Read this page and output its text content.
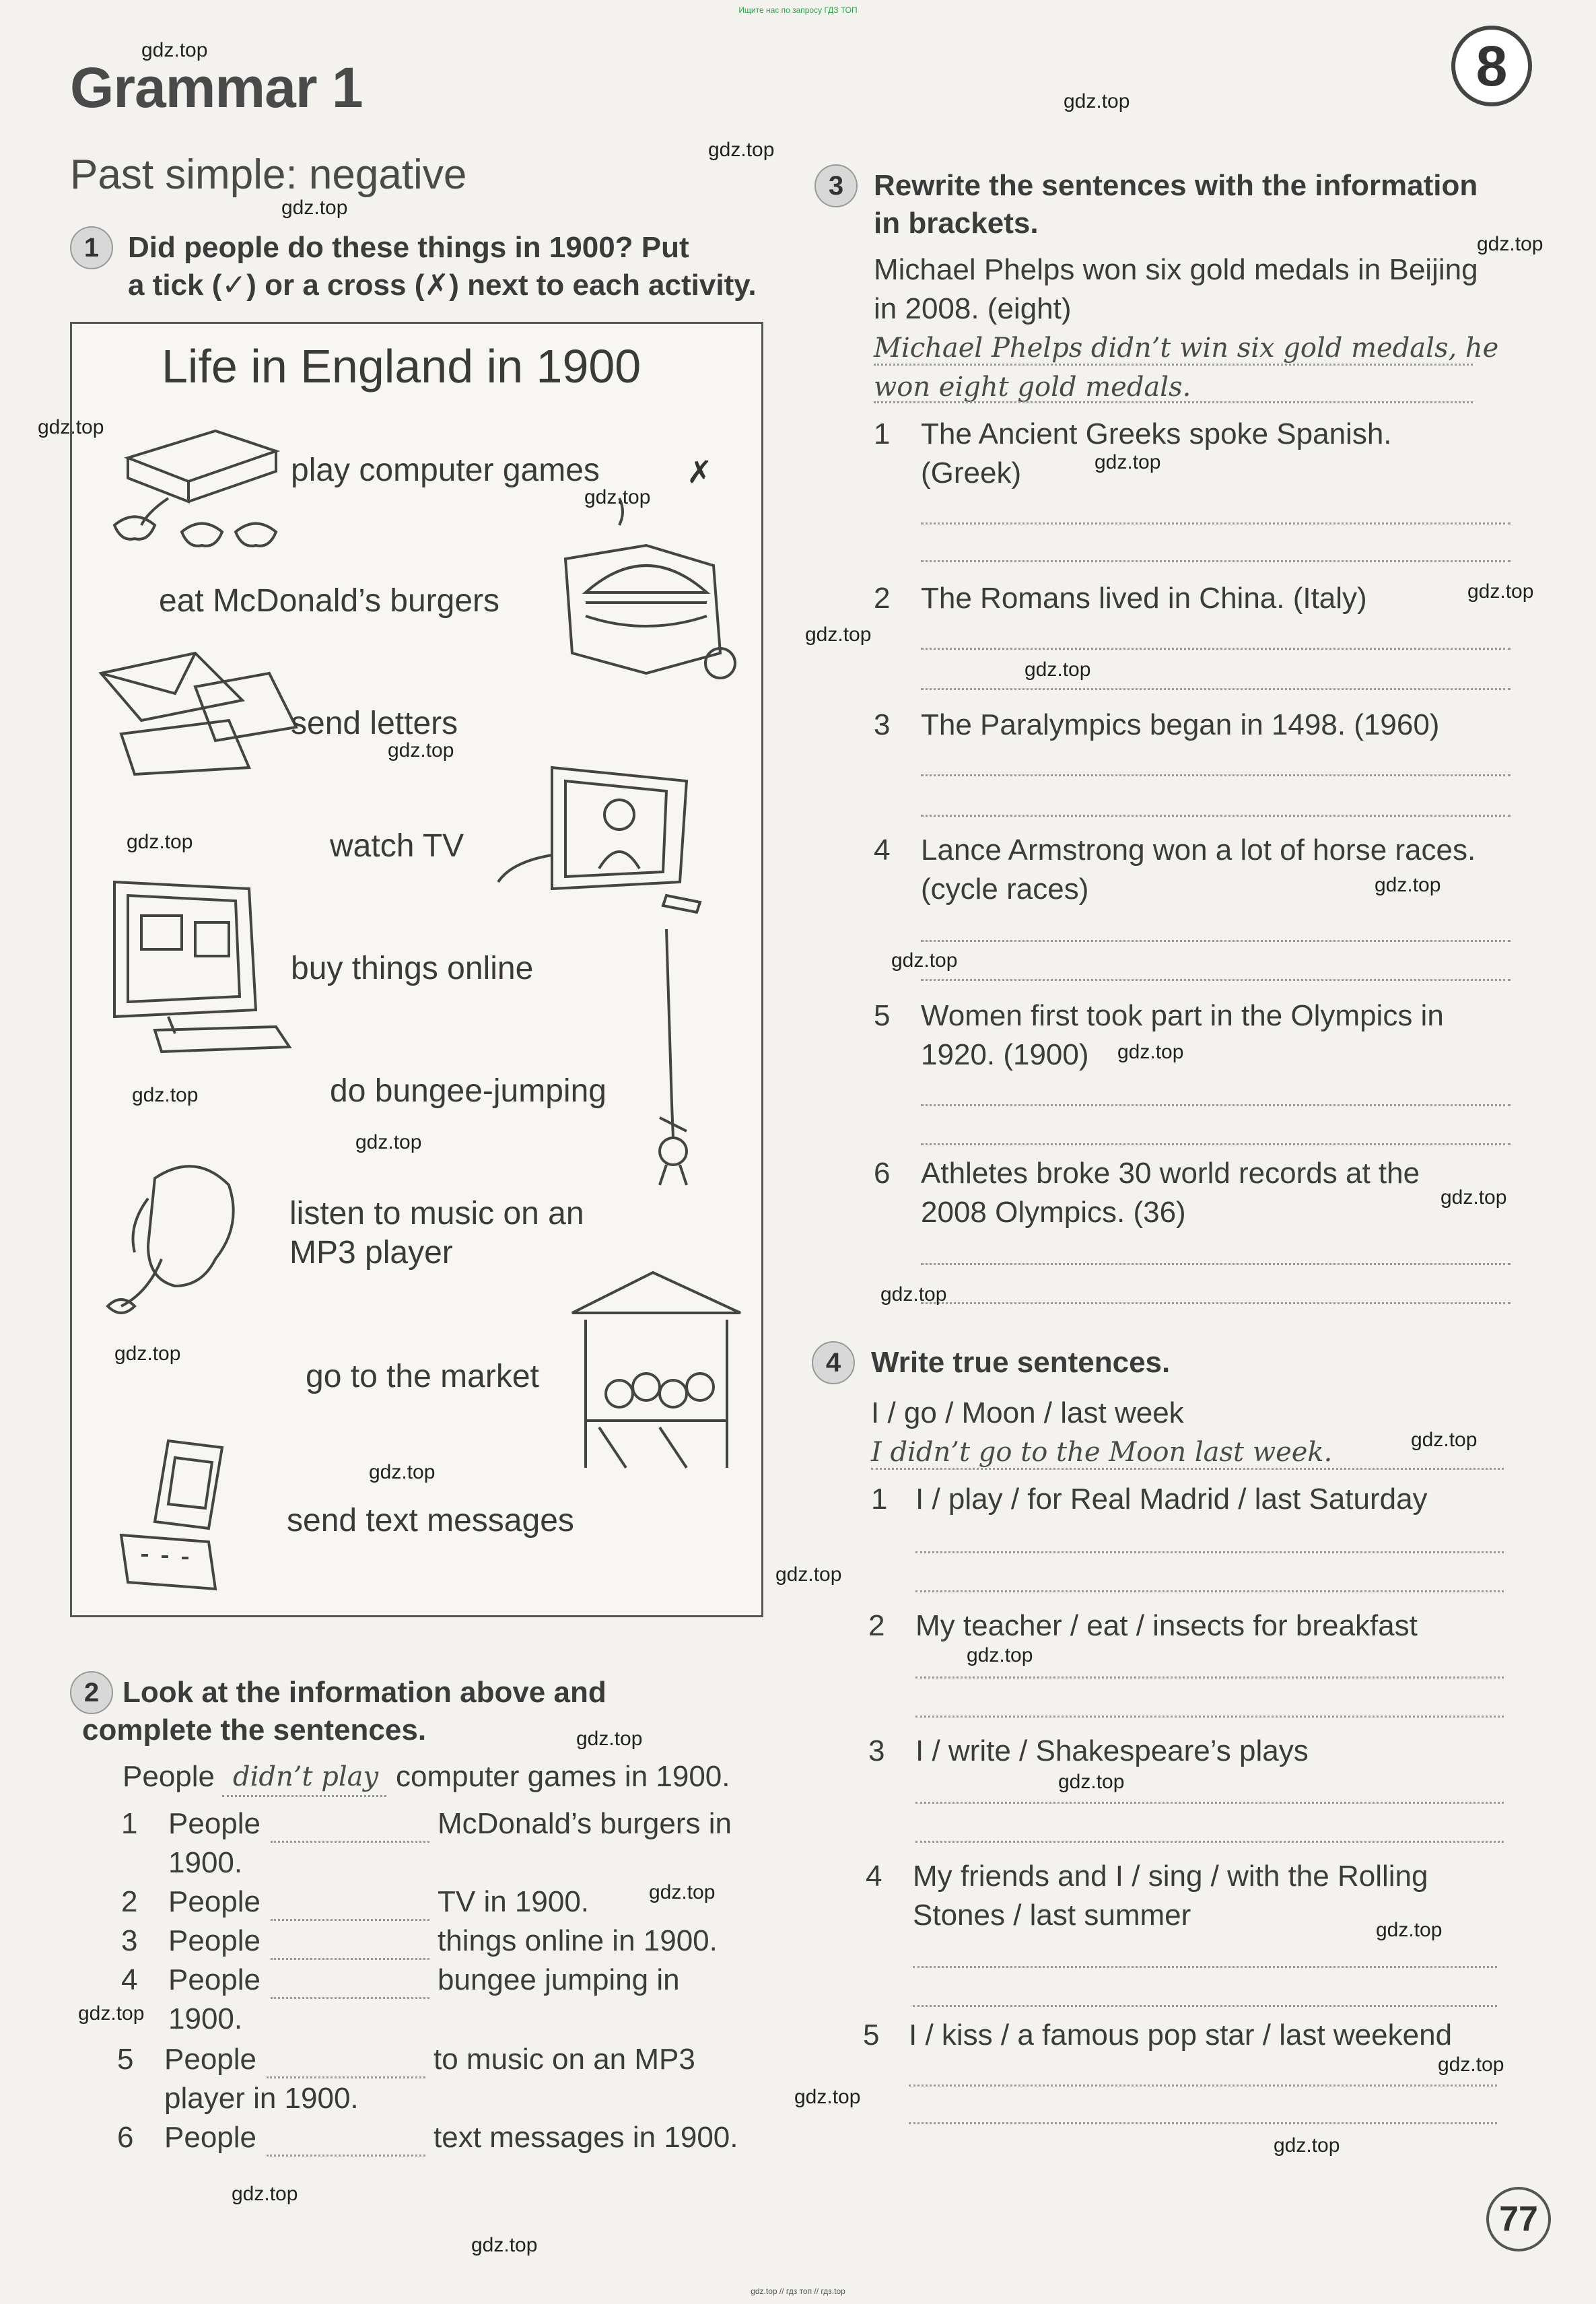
Ищите нас по запросу ГДЗ ТОП
Grammar 1	8
Past simple: negative
1 Did people do these things in 1900? Put
a tick (✓) or a cross (✗) next to each activity.
Life in England in 1900
play computer games	✗
eat McDonald’s burgers
send letters
watch TV
buy things online
do bungee-jumping
listen to music on an
MP3 player
go to the market
send text messages
2 Look at the information above and
complete the sentences.
People didn’t play computer games in 1900.
1 People	McDonald’s burgers in
1900.
2 People	TV in 1900.
3 People	things online in 1900.
4 People	bungee jumping in
1900.
5 People	to music on an MP3
player in 1900.
6 People	text messages in 1900.
3	Rewrite the sentences with the information
in brackets.
Michael Phelps won six gold medals in Beijing
in 2008. (eight)
Michael Phelps didn’t win six gold medals, he
won eight gold medals.
1 The Ancient Greeks spoke Spanish.
(Greek)
2 The Romans lived in China. (Italy)
3 The Paralympics began in 1498. (1960)
4 Lance Armstrong won a lot of horse races.
(cycle races)
5 Women first took part in the Olympics in
1920. (1900)
6 Athletes broke 30 world records at the
2008 Olympics. (36)
4	Write true sentences.
I / go / Moon / last week
I didn’t go to the Moon last week.
1 I / play / for Real Madrid / last Saturday
2 My teacher / eat / insects for breakfast
3 I / write / Shakespeare’s plays
4 My friends and I / sing / with the Rolling
Stones / last summer
5 I / kiss / a famous pop star / last weekend
77
gdz.top // гдз топ // гдз.top
gdz.top
gdz.top
gdz.top
gdz.top
gdz.top
gdz.top
gdz.top
gdz.top
gdz.top
gdz.top
gdz.top
gdz.top
gdz.top
gdz.top
gdz.top
gdz.top
gdz.top
gdz.top
gdz.top
gdz.top
gdz.top
gdz.top
gdz.top
gdz.top
gdz.top
gdz.top
gdz.top
gdz.top
gdz.top
gdz.top
gdz.top
gdz.top
gdz.top
gdz.top
gdz.top
